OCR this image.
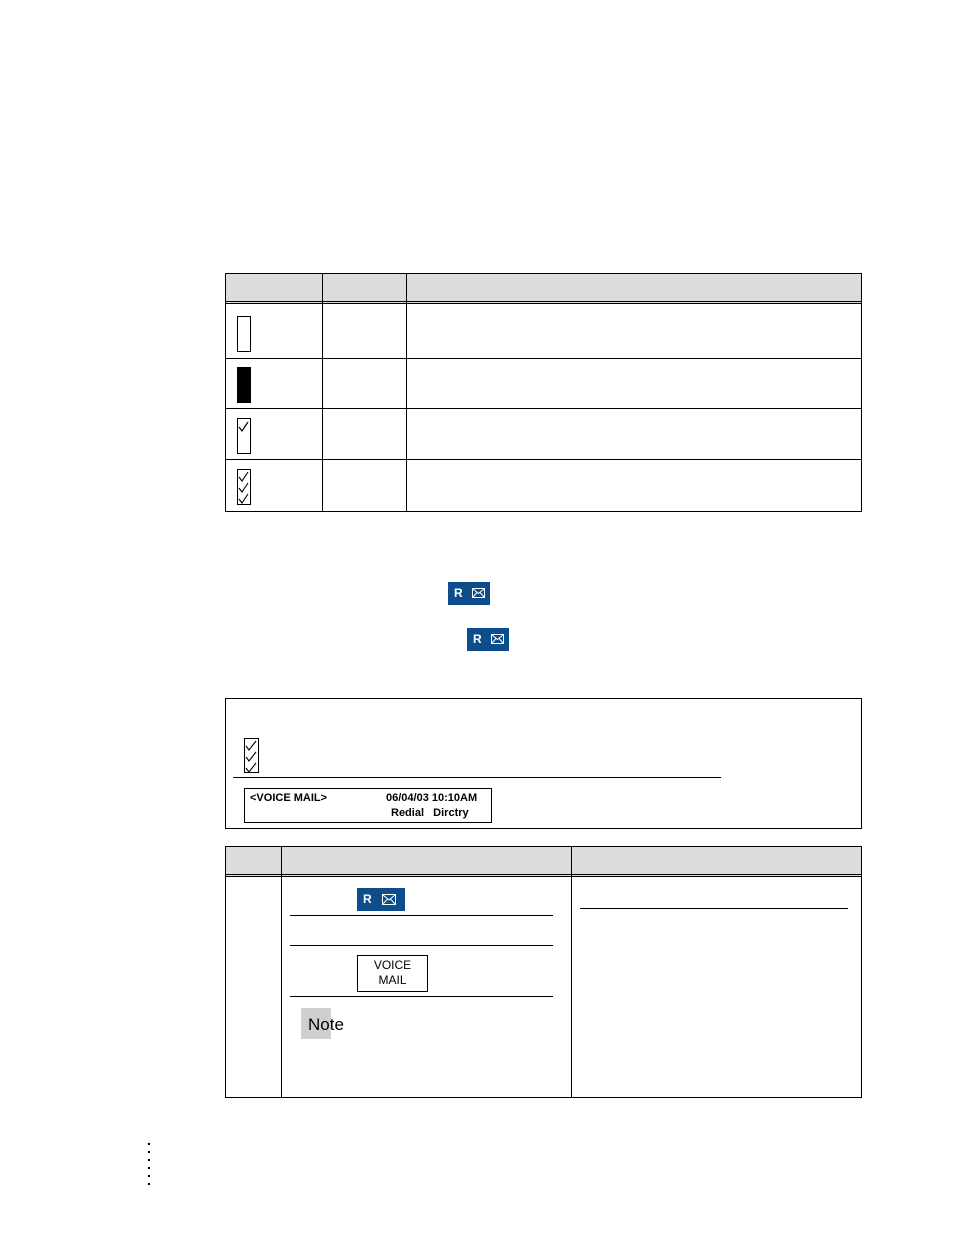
R
R
<VOICE MAIL>	06/04/03 10:10AM
Redial   Dirctry
R
VOICE
MAIL
Note
